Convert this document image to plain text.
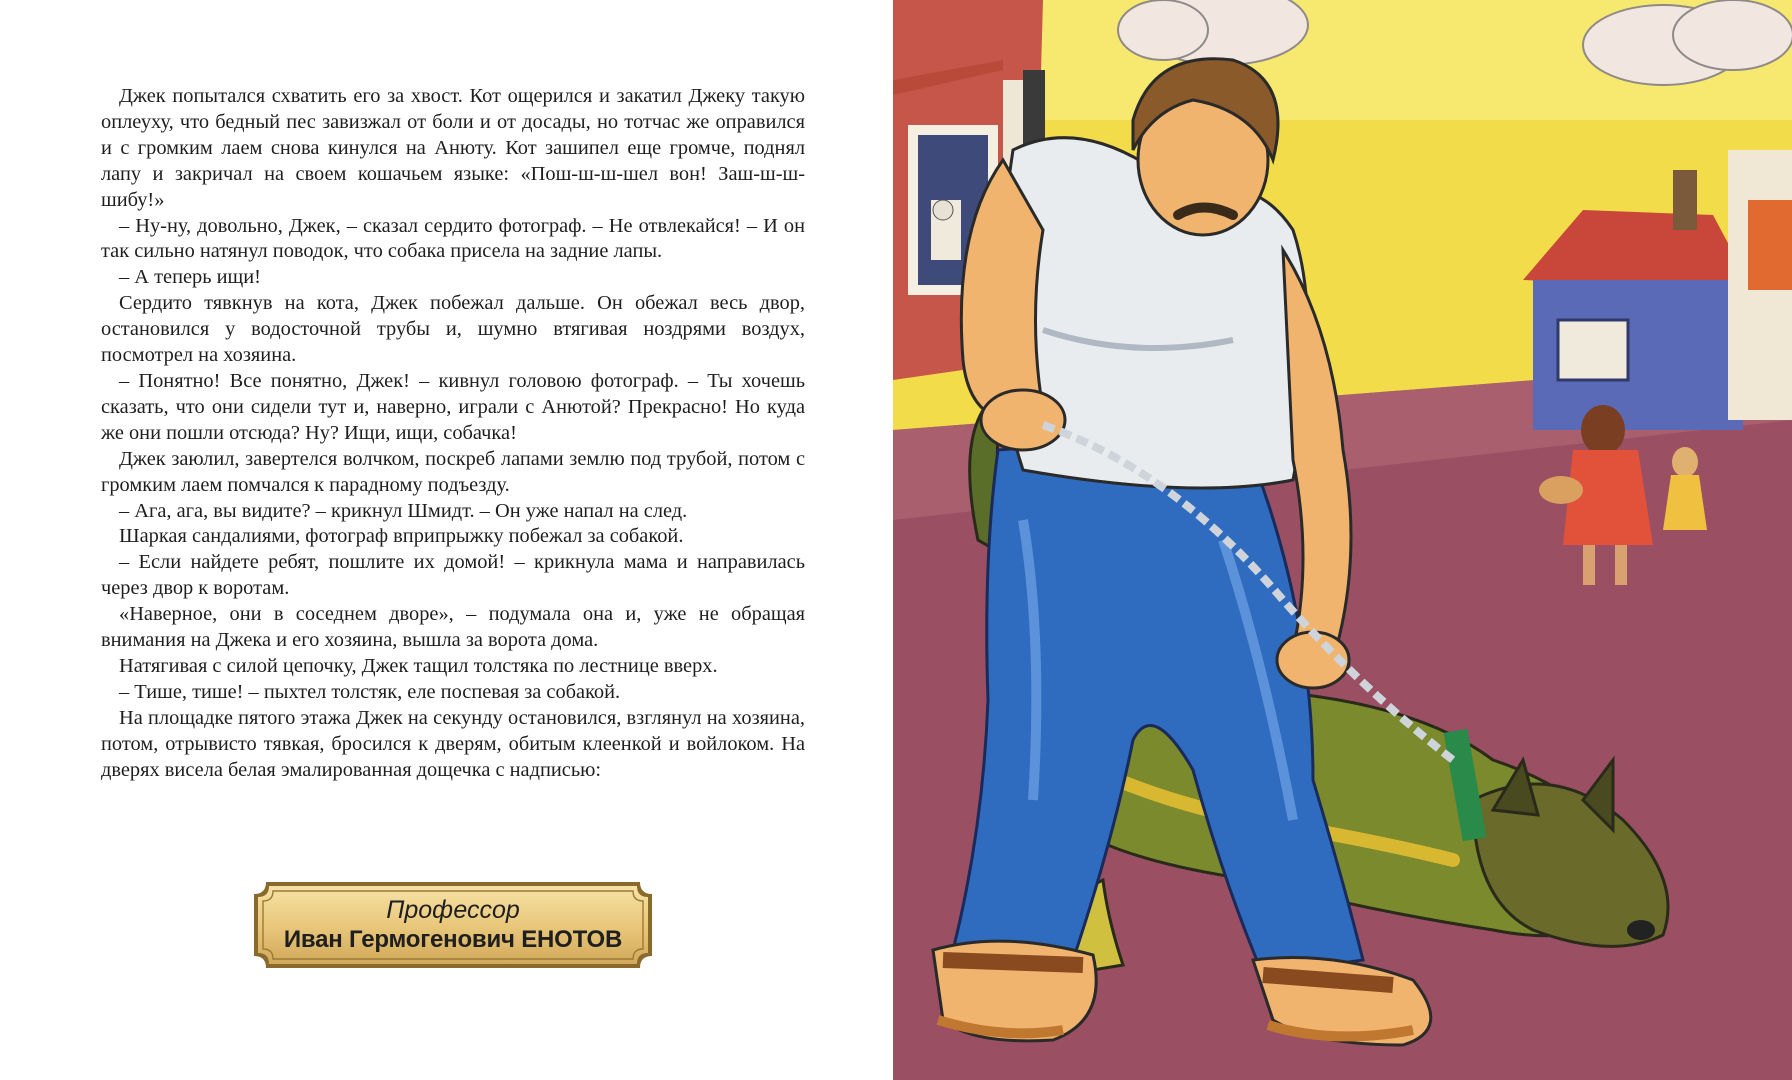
Джек попытался схватить его за хвост. Кот ощерился и закатил Джеку такую оплеуху, что бедный пес завизжал от боли и от досады, но тотчас же оправился и с громким лаем снова кинулся на Анюту. Кот зашипел еще громче, поднял лапу и закричал на своем кошачьем языке: «Пош-ш-ш-шел вон! Заш-ш-ш-шибу!»

– Ну-ну, довольно, Джек, – сказал сердито фотограф. – Не отвлекайся! – И он так сильно натянул поводок, что собака присела на задние лапы.

– А теперь ищи!

Сердито тявкнув на кота, Джек побежал дальше. Он обежал весь двор, остановился у водосточной трубы и, шумно втягивая ноздрями воздух, посмотрел на хозяина.

– Понятно! Все понятно, Джек! – кивнул головою фотограф. – Ты хочешь сказать, что они сидели тут и, наверно, играли с Анютой? Прекрасно! Но куда же они пошли отсюда? Ну? Ищи, ищи, собачка!

Джек заюлил, завертелся волчком, поскреб лапами землю под трубой, потом с громким лаем помчался к парадному подъезду.

– Ага, ага, вы видите? – крикнул Шмидт. – Он уже напал на след.

Шаркая сандалиями, фотограф вприпрыжку побежал за собакой.

– Если найдете ребят, пошлите их домой! – крикнула мама и направилась через двор к воротам.

«Наверное, они в соседнем дворе», – подумала она и, уже не обращая внимания на Джека и его хозяина, вышла за ворота дома.

Натягивая с силой цепочку, Джек тащил толстяка по лестнице вверх.

– Тише, тише! – пыхтел толстяк, еле поспевая за собакой.

На площадке пятого этажа Джек на секунду остановился, взглянул на хозяина, потом, отрывисто тявкая, бросился к дверям, обитым клеенкой и войлоком. На дверях висела белая эмалированная дощечка с надписью:

Профессор
Иван Гермогенович ЕНОТОВ
